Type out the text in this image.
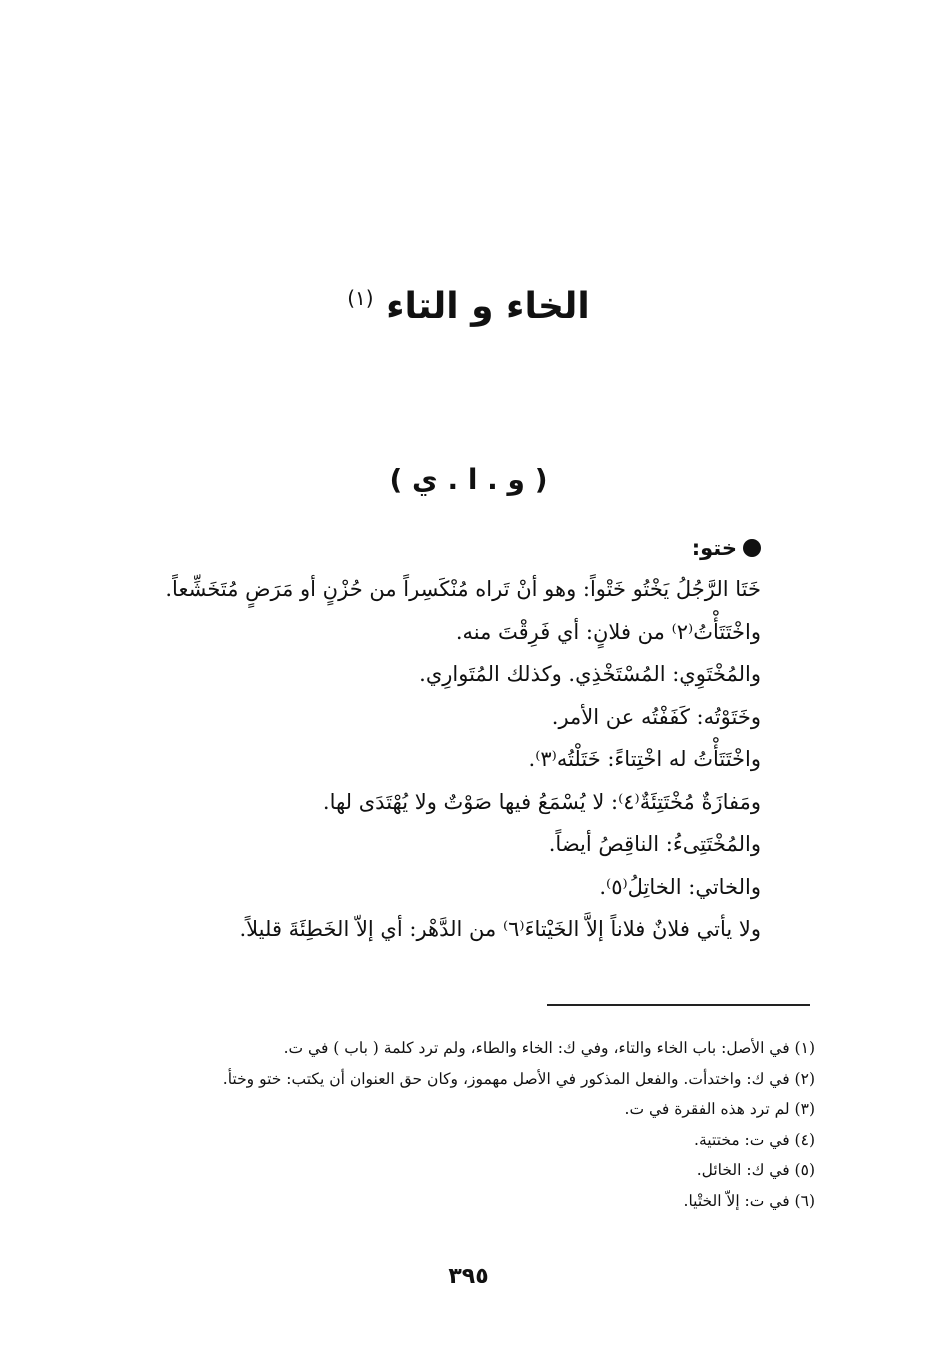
الخاء و التاء $^{(١)}$
( و . ا . ي )
ختو:
خَتَا الرَّجُلُ يَخْتُو خَتْواً: وهو أنْ تَراه مُنْكَسِراً من حُزْنٍ أو مَرَضٍ مُتَخَشِّعاً.
واخْتَتَأْتُ⁽٢⁾ من فلانٍ: أي فَرِقْتَ منه.
والمُخْتَوِي: المُسْتَخْذِي. وكذلك المُتَوارِي.
وخَتَوْتُه: كَفَفْتُه عن الأمر.
واخْتَتَأْتُ له اخْتِتاءً: خَتَلْتُه⁽٣⁾.
ومَفازَةٌ مُخْتَتِئَةٌ⁽٤⁾: لا يُسْمَعُ فيها صَوْتٌ ولا يُهْتَدَى لها.
والمُخْتَتِىءُ: الناقِصُ أيضاً.
والخاتي: الخاتِلُ⁽٥⁾.
ولا يأتي فلانٌ فلاناً إلاَّ الخَيْتاءَ⁽٦⁾ من الدَّهْر: أي إلاّ الخَطِئَةَ قليلاً.
(١) في الأصل: باب الخاء والتاء، وفي ك: الخاء والطاء، ولم ترد كلمة ( باب ) في ت.
(٢) في ك: واختدأت. والفعل المذكور في الأصل مهموز، وكان حق العنوان أن يكتب: ختو وختأ.
(٣) لم ترد هذه الفقرة في ت.
(٤) في ت: مختتية.
(٥) في ك: الخائل.
(٦) في ت: إلاّ الختْيا.
٣٩٥
